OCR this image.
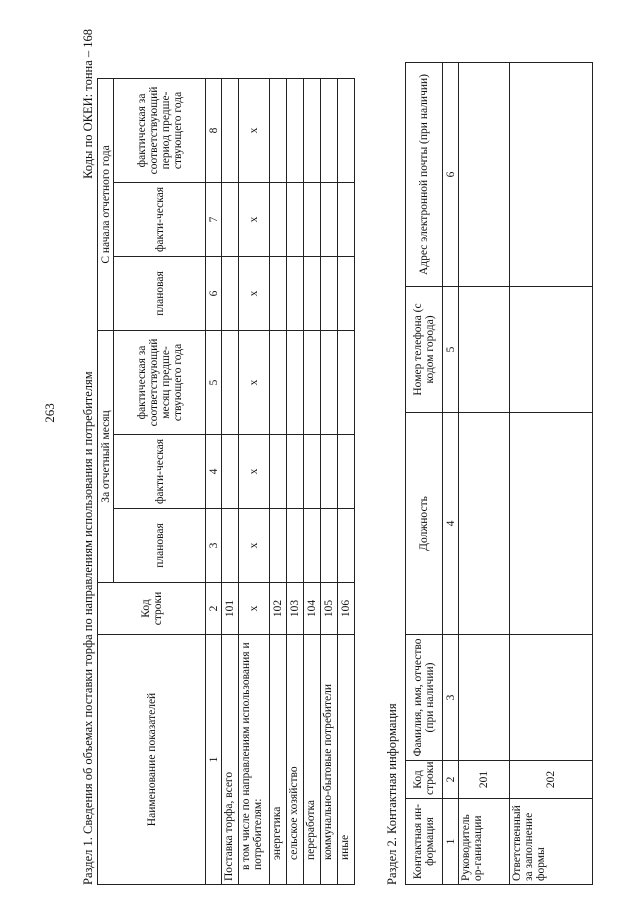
263 Раздел 1. Сведения об объемах поставки торфа по направлениям использования и потребителям
Коды по ОКЕИ: тонна – 168
Наименование показателей	Код строки	За отчетный месяц			С начала отчетного года		
		плановая	факти-ческая	фактическая за соответствующий месяц предше-ствующего года	плановая	факти-ческая	фактическая за соответствующий период предше-ствующего года
1	2	3	4	5	6	7	8
Поставка торфа, всего	101						
в том числе по направлениям использования и потребителям:	х	х	х	х	х	х	х
энергетика	102						
сельское хозяйство	103						
переработка	104						
коммунально-бытовые потребители	105						
иные	106						
Раздел 2. Контактная информация Контактная ин-формация	Код строки	Фамилия, имя, отчество (при наличии)	Должность	Номер телефона (с кодом города)	Адрес электронной почты (при наличии)
1	2	3	4	5	6
Руководитель ор-ганизации	201				
Ответственный за заполнение формы	202				
